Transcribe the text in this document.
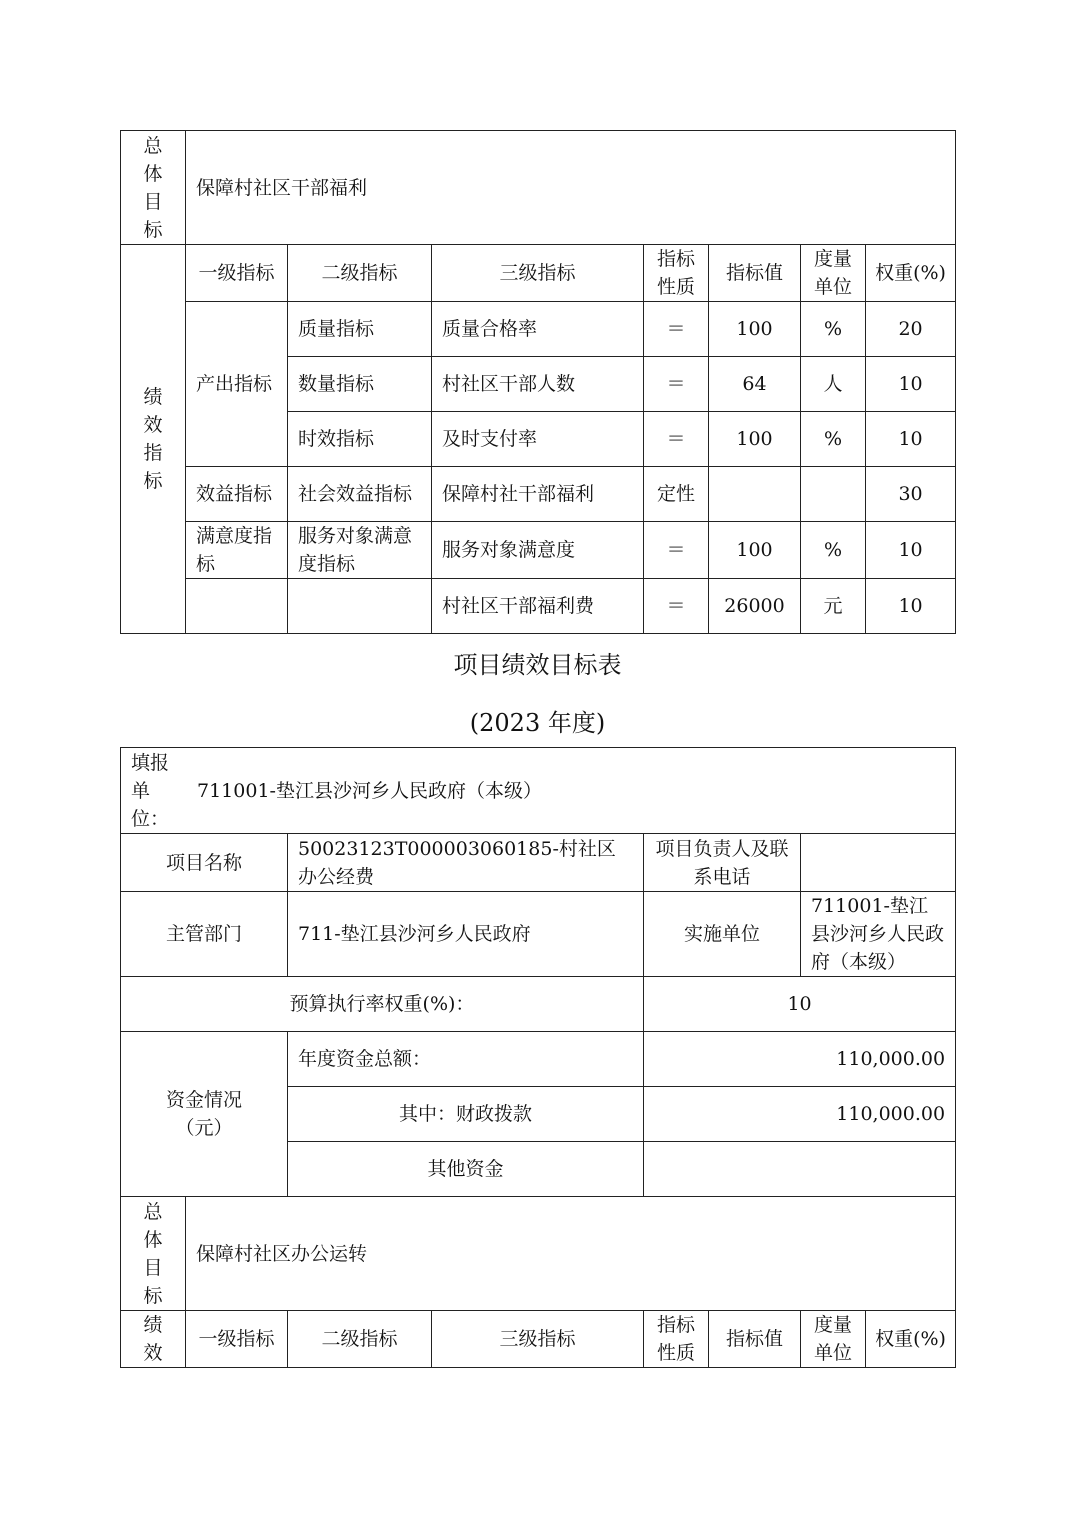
总
体
目
标	保障村社区干部福利						

绩
效
指
标	一级指标	二级指标	三级指标	指标性质	指标值	度量单位	权重(%)
	产出指标	质量指标	质量合格率	＝	100	%	20
		数量指标	村社区干部人数	＝	64	人	10
		时效指标	及时支付率	＝	100	%	10
	效益指标	社会效益指标	保障村社干部福利	定性			30
	满意度指标	服务对象满意度指标	服务对象满意度	＝	100	%	10
			村社区干部福利费	＝	26000	元	10
项目绩效目标表
(2023 年度)
填报
单
位：
711001-垫江县沙河乡人民政府（本级）							

项目名称		50023123T000003060185-村社区办公经费		项目负责人及联系电话			
主管部门		711-垫江县沙河乡人民政府		实施单位		711001-垫江县沙河乡人民政府（本级）	
预算执行率权重(%)：				10			
资金情况（元）		年度资金总额：		110,000.00			
		其中：财政拨款		110,000.00			
		其他资金					

总
体
目
标	保障村社区办公运转						

绩
效	一级指标	二级指标	三级指标	指标性质	指标值	度量单位	权重(%)
